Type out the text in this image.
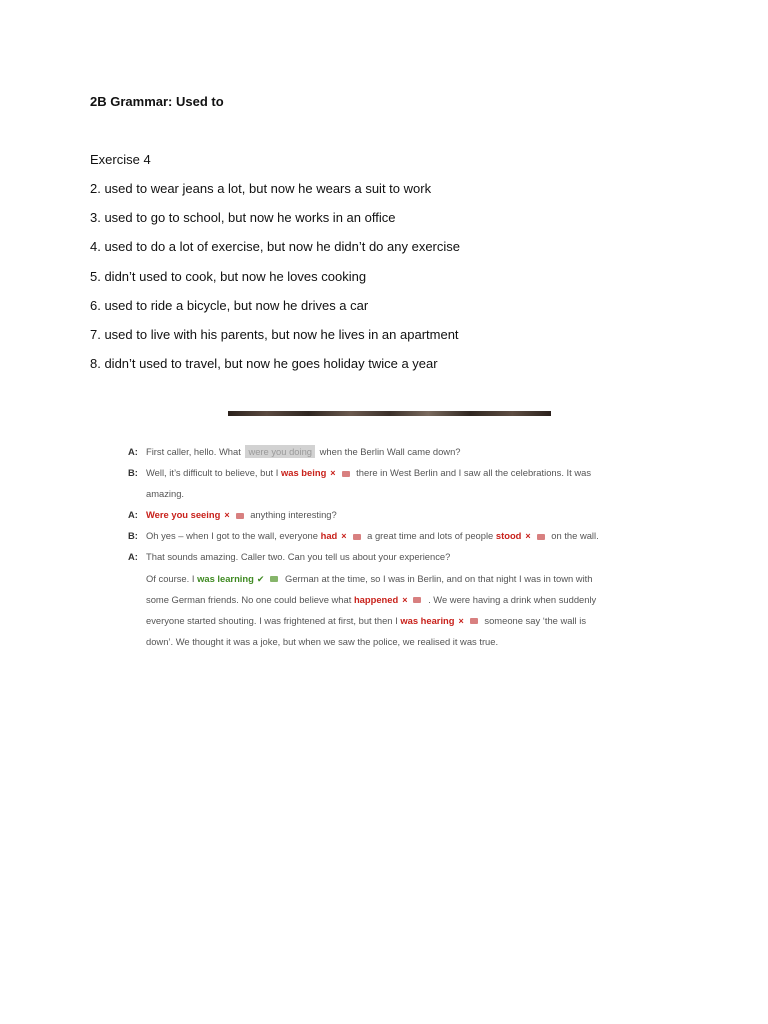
2B Grammar: Used to
Exercise 4
2. used to wear jeans a lot, but now he wears a suit to work
3. used to go to school, but now he works in an office
4. used to do a lot of exercise, but now he didn’t do any exercise
5. didn’t used to cook, but now he loves cooking
6. used to ride a bicycle, but now he drives a car
7. used to live with his parents, but now he lives in an apartment
8. didn’t used to travel, but now he goes holiday twice a year
A: First caller, hello. What were you doing when the Berlin Wall came down?
B: Well, it’s difficult to believe, but I was being × there in West Berlin and I saw all the celebrations. It was
amazing.
A: Were you seeing × anything interesting?
B: Oh yes – when I got to the wall, everyone had × a great time and lots of people stood × on the wall.
A: That sounds amazing. Caller two. Can you tell us about your experience?
Of course. I was learning ✔ German at the time, so I was in Berlin, and on that night I was in town with
some German friends. No one could believe what happened × . We were having a drink when suddenly
everyone started shouting. I was frightened at first, but then I was hearing × someone say ‘the wall is
down’. We thought it was a joke, but when we saw the police, we realised it was true.
